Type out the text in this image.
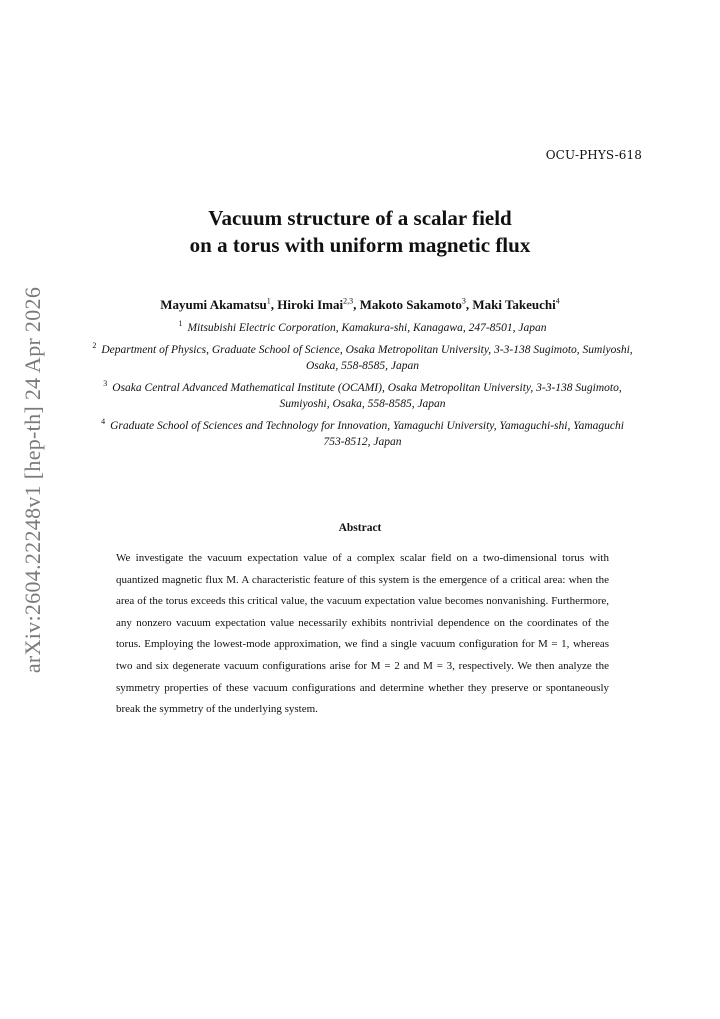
OCU-PHYS-618
arXiv:2604.22248v1 [hep-th] 24 Apr 2026
Vacuum structure of a scalar field
on a torus with uniform magnetic flux
Mayumi Akamatsu$^1$, Hiroki Imai$^{2,3}$, Makoto Sakamoto$^3$, Maki Takeuchi$^4$
$^1$ Mitsubishi Electric Corporation, Kamakura-shi, Kanagawa, 247-8501, Japan
$^2$ Department of Physics, Graduate School of Science, Osaka Metropolitan University, 3-3-138 Sugimoto, Sumiyoshi, Osaka, 558-8585, Japan
$^3$ Osaka Central Advanced Mathematical Institute (OCAMI), Osaka Metropolitan University, 3-3-138 Sugimoto, Sumiyoshi, Osaka, 558-8585, Japan
$^4$ Graduate School of Sciences and Technology for Innovation, Yamaguchi University, Yamaguchi-shi, Yamaguchi 753-8512, Japan
Abstract
We investigate the vacuum expectation value of a complex scalar field on a two-dimensional torus with quantized magnetic flux M. A characteristic feature of this system is the emergence of a critical area: when the area of the torus exceeds this critical value, the vacuum expectation value becomes nonvanishing. Furthermore, any nonzero vacuum expectation value necessarily exhibits nontrivial dependence on the coordinates of the torus. Employing the lowest-mode approximation, we find a single vacuum configuration for M = 1, whereas two and six degenerate vacuum configurations arise for M = 2 and M = 3, respectively. We then analyze the symmetry properties of these vacuum configurations and determine whether they preserve or spontaneously break the symmetry of the underlying system.
